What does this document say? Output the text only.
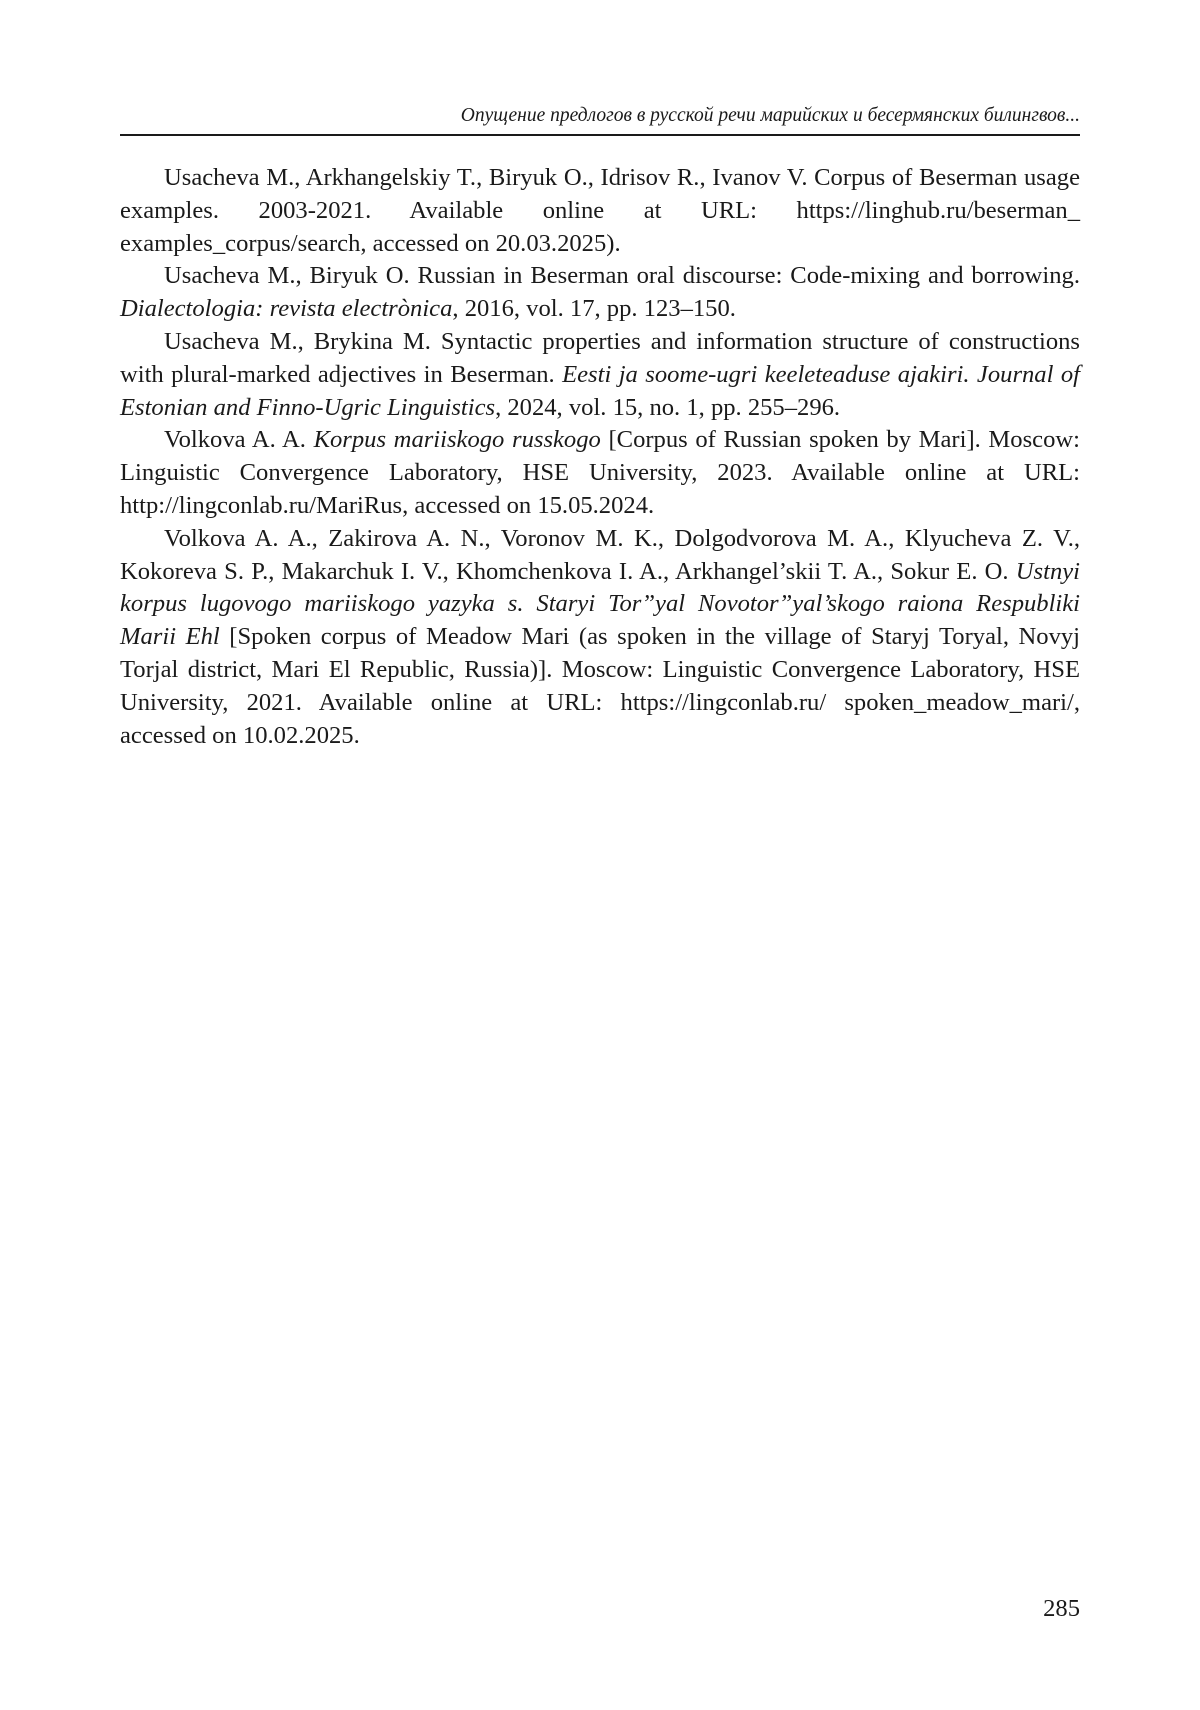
Опущение предлогов в русской речи марийских и бесермянских билингвов...

Usacheva M., Arkhangelskiy T., Biryuk O., Idrisov R., Ivanov V. Corpus of Beserman usage examples. 2003-2021. Available online at URL: https://linghub.ru/beserman_ examples_corpus/search, accessed on 20.03.2025).

Usacheva M., Biryuk O. Russian in Beserman oral discourse: Code-mixing and borrowing. Dialectologia: revista electrònica, 2016, vol. 17, pp. 123–150.

Usacheva M., Brykina M. Syntactic properties and information structure of constructions with plural-marked adjectives in Beserman. Eesti ja soome-ugri keeleteaduse ajakiri. Journal of Estonian and Finno-Ugric Linguistics, 2024, vol. 15, no. 1, pp. 255–296.

Volkova A. A. Korpus mariiskogo russkogo [Corpus of Russian spoken by Mari]. Moscow: Linguistic Convergence Laboratory, HSE University, 2023. Available online at URL: http://lingconlab.ru/MariRus, accessed on 15.05.2024.

Volkova A. A., Zakirova A. N., Voronov M. K., Dolgodvorova M. A., Klyucheva Z. V., Kokoreva S. P., Makarchuk I. V., Khomchenkova I. A., Arkhangel’skii T. A., Sokur E. O. Ustnyi korpus lugovogo mariiskogo yazyka s. Staryi Tor”yal Novotor”yal’skogo raiona Respubliki Marii Ehl [Spoken corpus of Meadow Mari (as spoken in the village of Staryj Toryal, Novyj Torjal district, Mari El Republic, Russia)]. Moscow: Linguistic Convergence Laboratory, HSE University, 2021. Available online at URL: https://lingconlab.ru/ spoken_meadow_mari/, accessed on 10.02.2025.

285
